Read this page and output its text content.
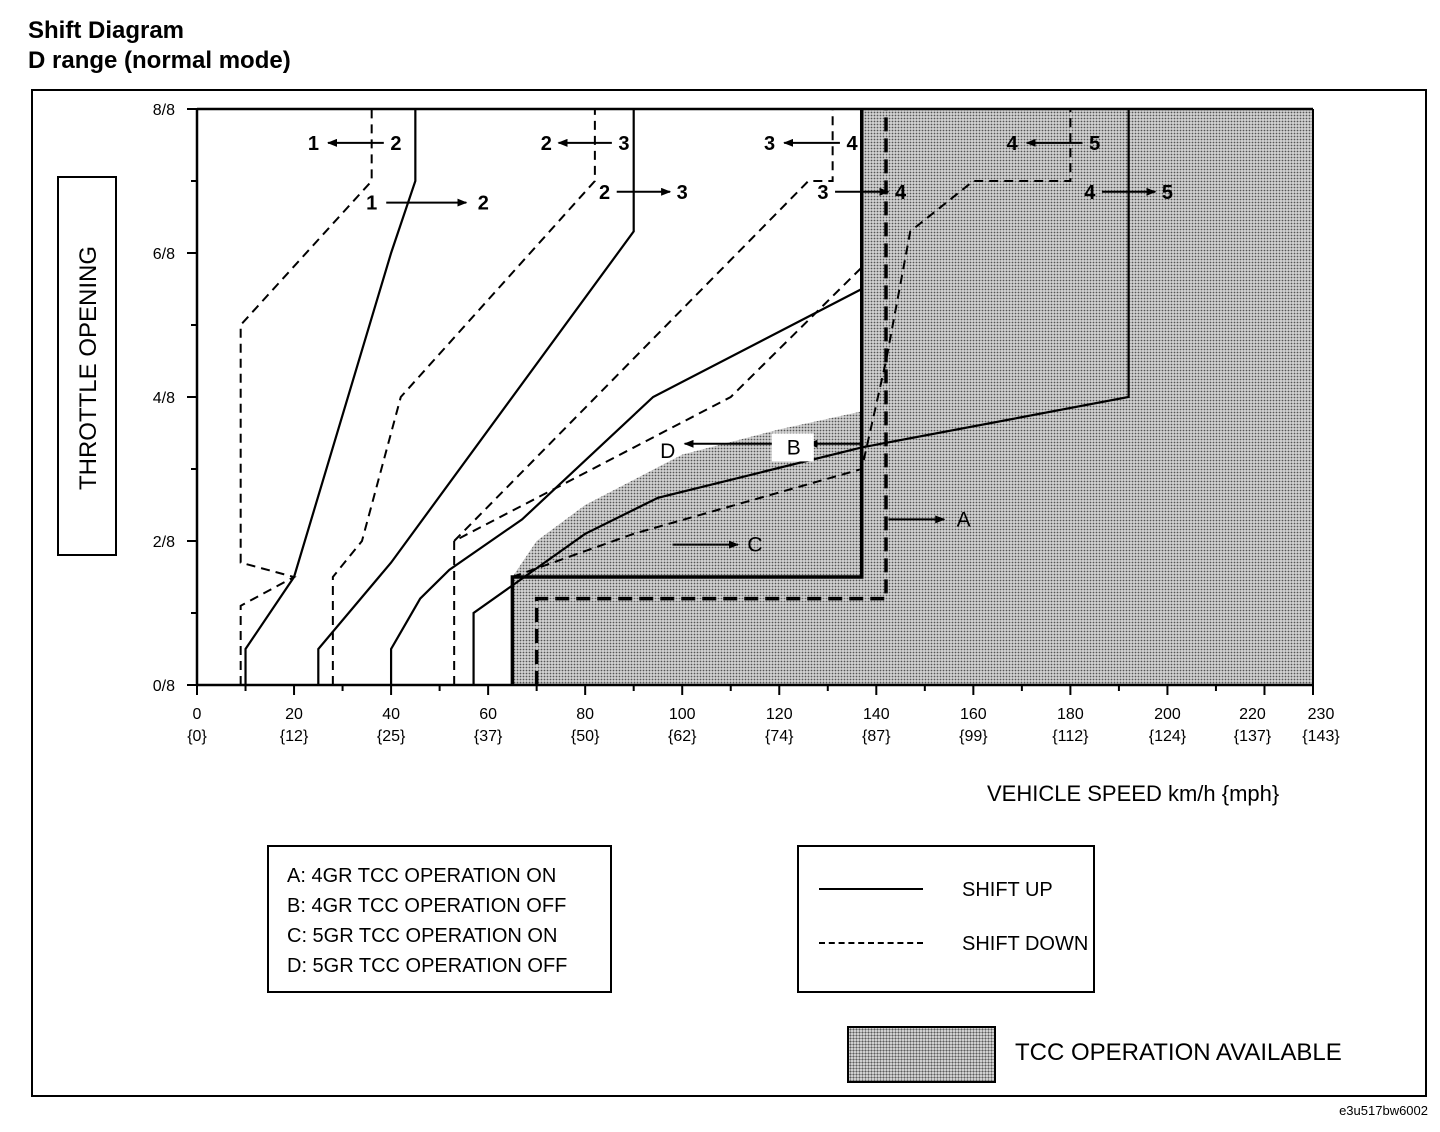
Shift Diagram
D range (normal mode)
THROTTLE OPENING
0/8
2/8
4/8
6/8
8/8
0
{0}
20
{12}
40
{25}
60
{37}
80
{50}
100
{62}
120
{74}
140
{87}
160
{99}
180
{112}
200
{124}
220
{137}
230
{143}
1	2
1	2
2	3
2	3
3	4
3	4
4	5
4	5
A
B
C
D
VEHICLE SPEED km/h {mph}
A: 4GR TCC OPERATION ON
B: 4GR TCC OPERATION OFF
C: 5GR TCC OPERATION ON
D: 5GR TCC OPERATION OFF
SHIFT UP
SHIFT DOWN
TCC OPERATION AVAILABLE
e3u517bw6002
